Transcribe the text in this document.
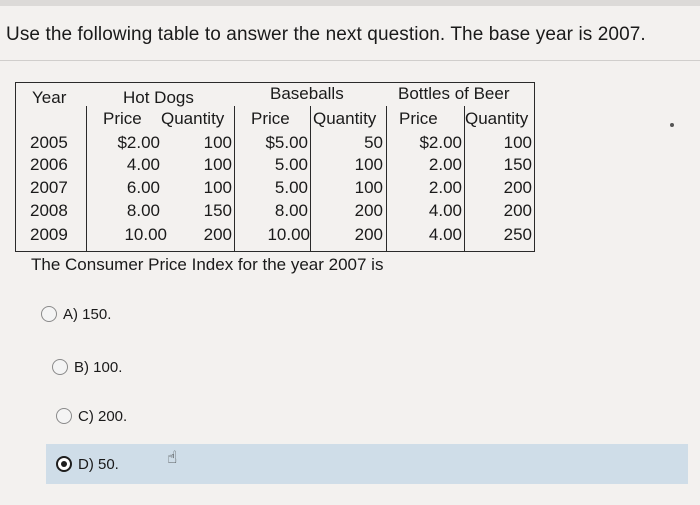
Use the following table to answer the next question. The base year is 2007.
Year	Hot Dogs	Baseballs	Bottles of Beer
Price Quantity Price Quantity Price Quantity
2005	$2.00	100 $5.00	50 $2.00 100
2006	4.00	100	5.00	100	2.00 150
2007	6.00	100	5.00	100	2.00 200
2008	8.00	150	8.00	200	4.00 200
2009	10.00 200 10.00	200	4.00 250
The Consumer Price Index for the year 2007 is
A) 150.
B) 100.
C) 200.
D) 50.	☝
